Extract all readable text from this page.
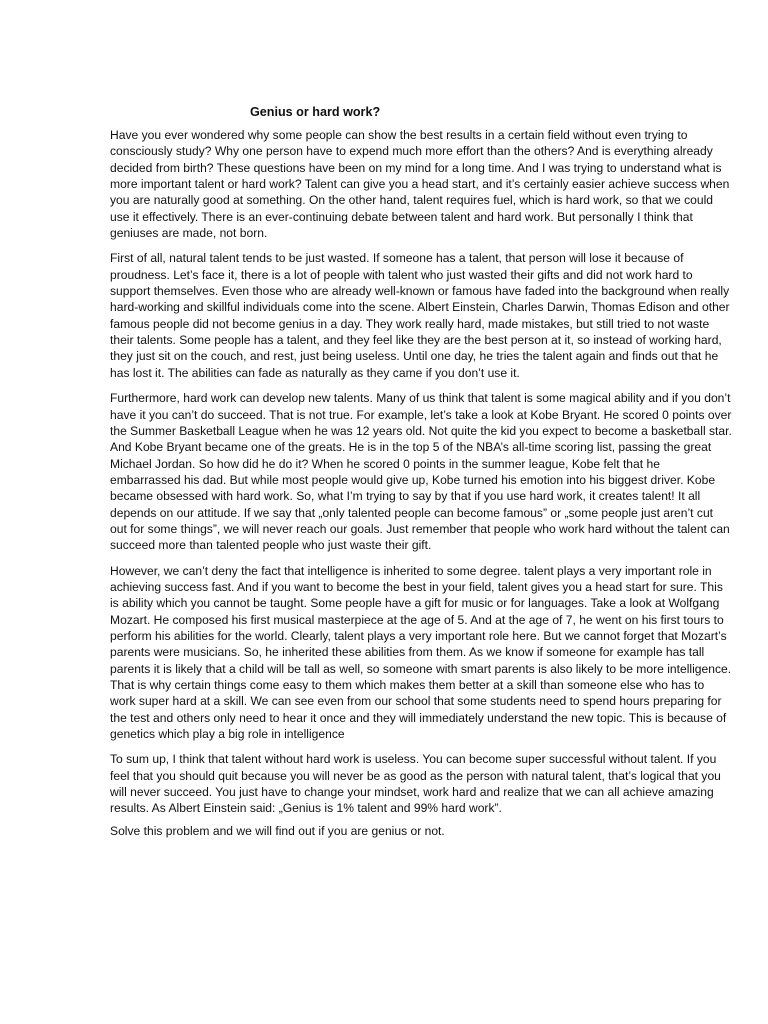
Genius or hard work?

Have you ever wondered why some people can show the best results in a certain field without even trying to consciously study? Why one person have to expend much more effort than the others? And is everything already decided from birth? These questions have been on my mind for a long time. And I was trying to understand what is more important talent or hard work? Talent can give you a head start, and it’s certainly easier achieve success when you are naturally good at something. On the other hand, talent requires fuel, which is hard work, so that we could use it effectively. There is an ever-continuing debate between talent and hard work. But personally I think that geniuses are made, not born.

First of all, natural talent tends to be just wasted. If someone has a talent, that person will lose it because of proudness. Let’s face it, there is a lot of people with talent who just wasted their gifts and did not work hard to support themselves. Even those who are already well-known or famous have faded into the background when really hard-working and skillful individuals come into the scene. Albert Einstein, Charles Darwin, Thomas Edison and other famous people did not become genius in a day. They work really hard, made mistakes, but still tried to not waste their talents. Some people has a talent, and they feel like they are the best person at it, so instead of working hard, they just sit on the couch, and rest, just being useless. Until one day, he tries the talent again and finds out that he has lost it. The abilities can fade as naturally as they came if you don’t use it.

Furthermore, hard work can develop new talents. Many of us think that talent is some magical ability and if you don’t have it you can’t do succeed. That is not true. For example, let’s take a look at Kobe Bryant. He scored 0 points over the Summer Basketball League when he was 12 years old. Not quite the kid you expect to become a basketball star. And Kobe Bryant became one of the greats. He is in the top 5 of the NBA’s all-time scoring list, passing the great Michael Jordan. So how did he do it? When he scored 0 points in the summer league, Kobe felt that he embarrassed his dad. But while most people would give up, Kobe turned his emotion into his biggest driver. Kobe became obsessed with hard work. So, what I’m trying to say by that if you use hard work, it creates talent! It all depends on our attitude. If we say that „only talented people can become famous” or „some people just aren’t cut out for some things”, we will never reach our goals. Just remember that people who work hard without the talent can succeed more than talented people who just waste their gift.

However, we can’t deny the fact that intelligence is inherited to some degree. talent plays a very important role in achieving success fast. And if you want to become the best in your field, talent gives you a head start for sure. This is ability which you cannot be taught. Some people have a gift for music or for languages. Take a look at Wolfgang Mozart. He composed his first musical masterpiece at the age of 5. And at the age of 7, he went on his first tours to perform his abilities for the world. Clearly, talent plays a very important role here. But we cannot forget that Mozart’s parents were musicians. So, he inherited these abilities from them. As we know if someone for example has tall parents it is likely that a child will be tall as well, so someone with smart parents is also likely to be more intelligence. That is why certain things come easy to them which makes them better at a skill than someone else who has to work super hard at a skill. We can see even from our school that some students need to spend hours preparing for the test and others only need to hear it once and they will immediately understand the new topic. This is because of genetics which play a big role in intelligence

To sum up, I think that talent without hard work is useless. You can become super successful without talent. If you feel that you should quit because you will never be as good as the person with natural talent, that’s logical that you will never succeed. You just have to change your mindset, work hard and realize that we can all achieve amazing results. As Albert Einstein said: „Genius is 1% talent and 99% hard work”.

Solve this problem and we will find out if you are genius or not.
